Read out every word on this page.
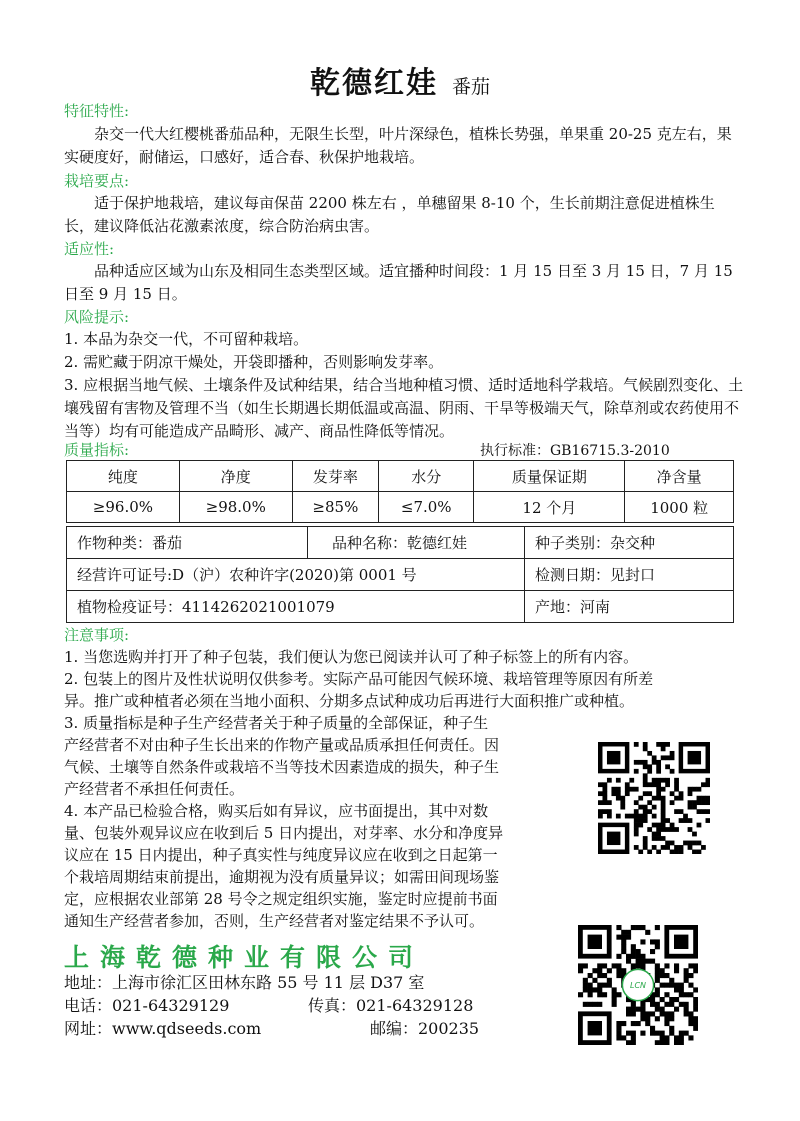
乾德红娃 番茄
特征特性:
杂交一代大红樱桃番茄品种，无限生长型，叶片深绿色，植株长势强，单果重 20-25 克左右，果实硬度好，耐储运，口感好，适合春、秋保护地栽培。
栽培要点:
适于保护地栽培，建议每亩保苗 2200 株左右 ，单穗留果 8-10 个，生长前期注意促进植株生长，建议降低沾花激素浓度，综合防治病虫害。
适应性:
品种适应区域为山东及相同生态类型区域。适宜播种时间段：1 月 15 日至 3 月 15 日，7 月 15 日至 9 月 15 日。
风险提示:
1. 本品为杂交一代，不可留种栽培。
2. 需贮藏于阴凉干燥处，开袋即播种，否则影响发芽率。
3. 应根据当地气候、土壤条件及试种结果，结合当地种植习惯、适时适地科学栽培。气候剧烈变化、土壤残留有害物及管理不当（如生长期遇长期低温或高温、阴雨、干旱等极端天气，除草剂或农药使用不当等）均有可能造成产品畸形、减产、商品性降低等情况。
质量指标:	执行标准：GB16715.3-2010
纯度	净度	发芽率	水分	质量保证期	净含量
≥96.0%	≥98.0%	≥85%	≤7.0%	12 个月	1000 粒
作物种类：番茄	品种名称：乾德红娃	种子类别：杂交种
经营许可证号:D（沪）农种许字(2020)第 0001 号		检测日期：见封口
植物检疫证号：4114262021001079		产地：河南
注意事项:
1. 当您选购并打开了种子包装，我们便认为您已阅读并认可了种子标签上的所有内容。
2. 包装上的图片及性状说明仅供参考。实际产品可能因气候环境、栽培管理等原因有所差
异。推广或种植者必须在当地小面积、分期多点试种成功后再进行大面积推广或种植。
3. 质量指标是种子生产经营者关于种子质量的全部保证，种子生
产经营者不对由种子生长出来的作物产量或品质承担任何责任。因
气候、土壤等自然条件或栽培不当等技术因素造成的损失，种子生
产经营者不承担任何责任。
4. 本产品已检验合格，购买后如有异议，应书面提出，其中对数
量、包装外观异议应在收到后 5 日内提出，对芽率、水分和净度异
议应在 15 日内提出，种子真实性与纯度异议应在收到之日起第一
个栽培周期结束前提出，逾期视为没有质量异议；如需田间现场鉴
定，应根据农业部第 28 号令之规定组织实施，鉴定时应提前书面
通知生产经营者参加，否则，生产经营者对鉴定结果不予认可。
LCN
上海乾德种业有限公司
地址：上海市徐汇区田林东路 55 号 11 层 D37 室
电话：021-64329129	传真：021-64329128
网址：www.qdseeds.com	邮编：200235
